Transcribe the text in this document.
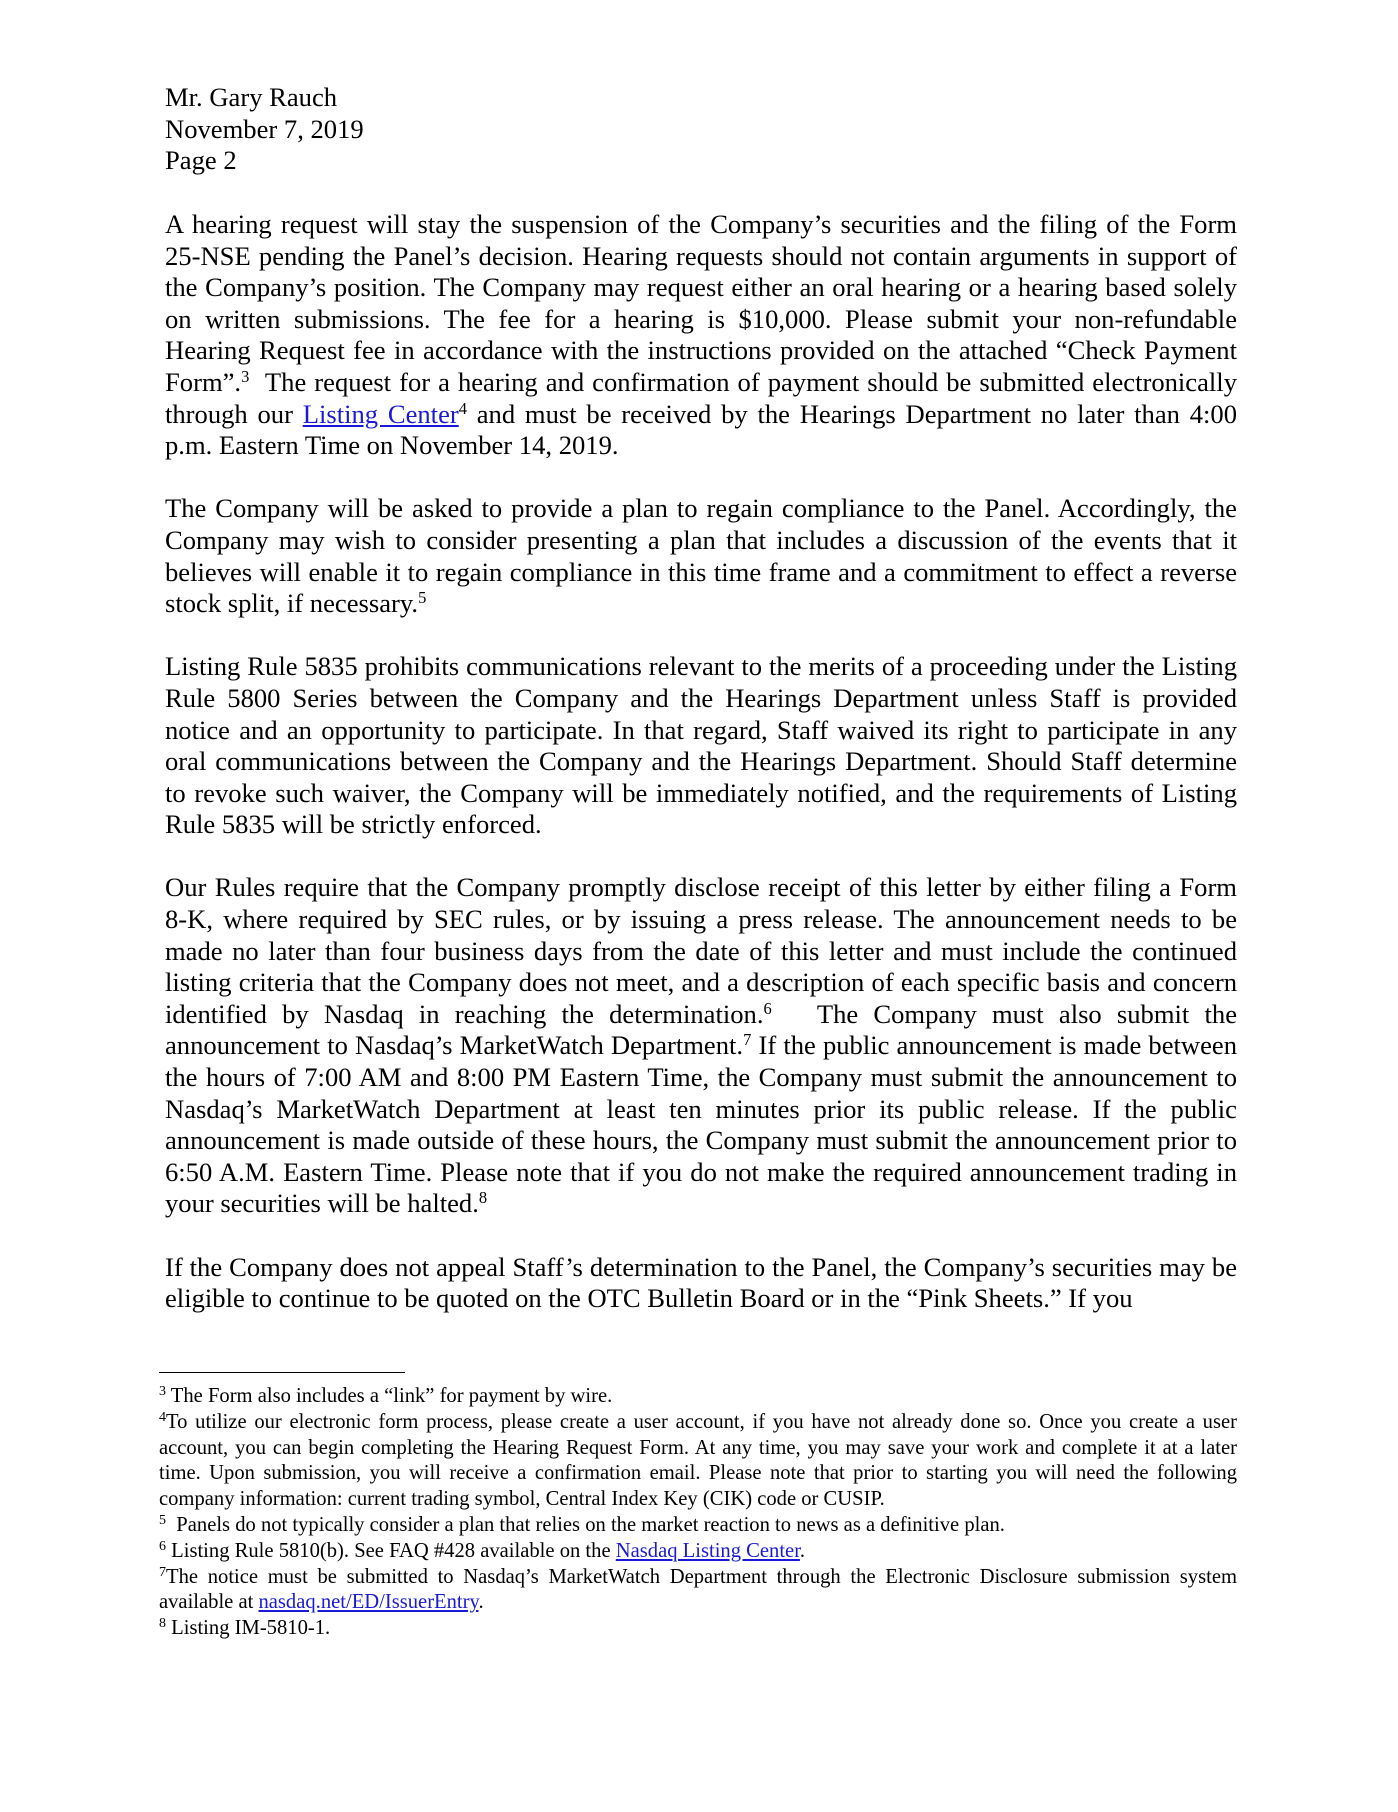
Mr. Gary Rauch
November 7, 2019
Page 2

A hearing request will stay the suspension of the Company’s securities and the filing of the Form 25-NSE pending the Panel’s decision. Hearing requests should not contain arguments in support of the Company’s position. The Company may request either an oral hearing or a hearing based solely on written submissions. The fee for a hearing is $10,000. Please submit your non-refundable Hearing Request fee in accordance with the instructions provided on the attached “Check Payment Form”.$^3$  The request for a hearing and confirmation of payment should be submitted electronically through our Listing Center$^4$ and must be received by the Hearings Department no later than 4:00 p.m. Eastern Time on November 14, 2019.

The Company will be asked to provide a plan to regain compliance to the Panel. Accordingly, the Company may wish to consider presenting a plan that includes a discussion of the events that it believes will enable it to regain compliance in this time frame and a commitment to effect a reverse stock split, if necessary.$^5$

Listing Rule 5835 prohibits communications relevant to the merits of a proceeding under the Listing Rule 5800 Series between the Company and the Hearings Department unless Staff is provided notice and an opportunity to participate. In that regard, Staff waived its right to participate in any oral communications between the Company and the Hearings Department. Should Staff determine to revoke such waiver, the Company will be immediately notified, and the requirements of Listing Rule 5835 will be strictly enforced.

Our Rules require that the Company promptly disclose receipt of this letter by either filing a Form 8-K, where required by SEC rules, or by issuing a press release. The announcement needs to be made no later than four business days from the date of this letter and must include the continued listing criteria that the Company does not meet, and a description of each specific basis and concern identified by Nasdaq in reaching the determination.$^6$   The Company must also submit the announcement to Nasdaq’s MarketWatch Department.$^7$ If the public announcement is made between the hours of 7:00 AM and 8:00 PM Eastern Time, the Company must submit the announcement to Nasdaq’s MarketWatch Department at least ten minutes prior its public release. If the public announcement is made outside of these hours, the Company must submit the announcement prior to 6:50 A.M. Eastern Time. Please note that if you do not make the required announcement trading in your securities will be halted.$^8$

If the Company does not appeal Staff’s determination to the Panel, the Company’s securities may be eligible to continue to be quoted on the OTC Bulletin Board or in the “Pink Sheets.” If you

$^3$ The Form also includes a “link” for payment by wire.

$^4$To utilize our electronic form process, please create a user account, if you have not already done so. Once you create a user account, you can begin completing the Hearing Request Form. At any time, you may save your work and complete it at a later time. Upon submission, you will receive a confirmation email. Please note that prior to starting you will need the following company information: current trading symbol, Central Index Key (CIK) code or CUSIP.

$^5$  Panels do not typically consider a plan that relies on the market reaction to news as a definitive plan.

$^6$ Listing Rule 5810(b). See FAQ #428 available on the Nasdaq Listing Center.

$^7$The notice must be submitted to Nasdaq’s MarketWatch Department through the Electronic Disclosure submission system available at nasdaq.net/ED/IssuerEntry.

$^8$ Listing IM-5810-1.
